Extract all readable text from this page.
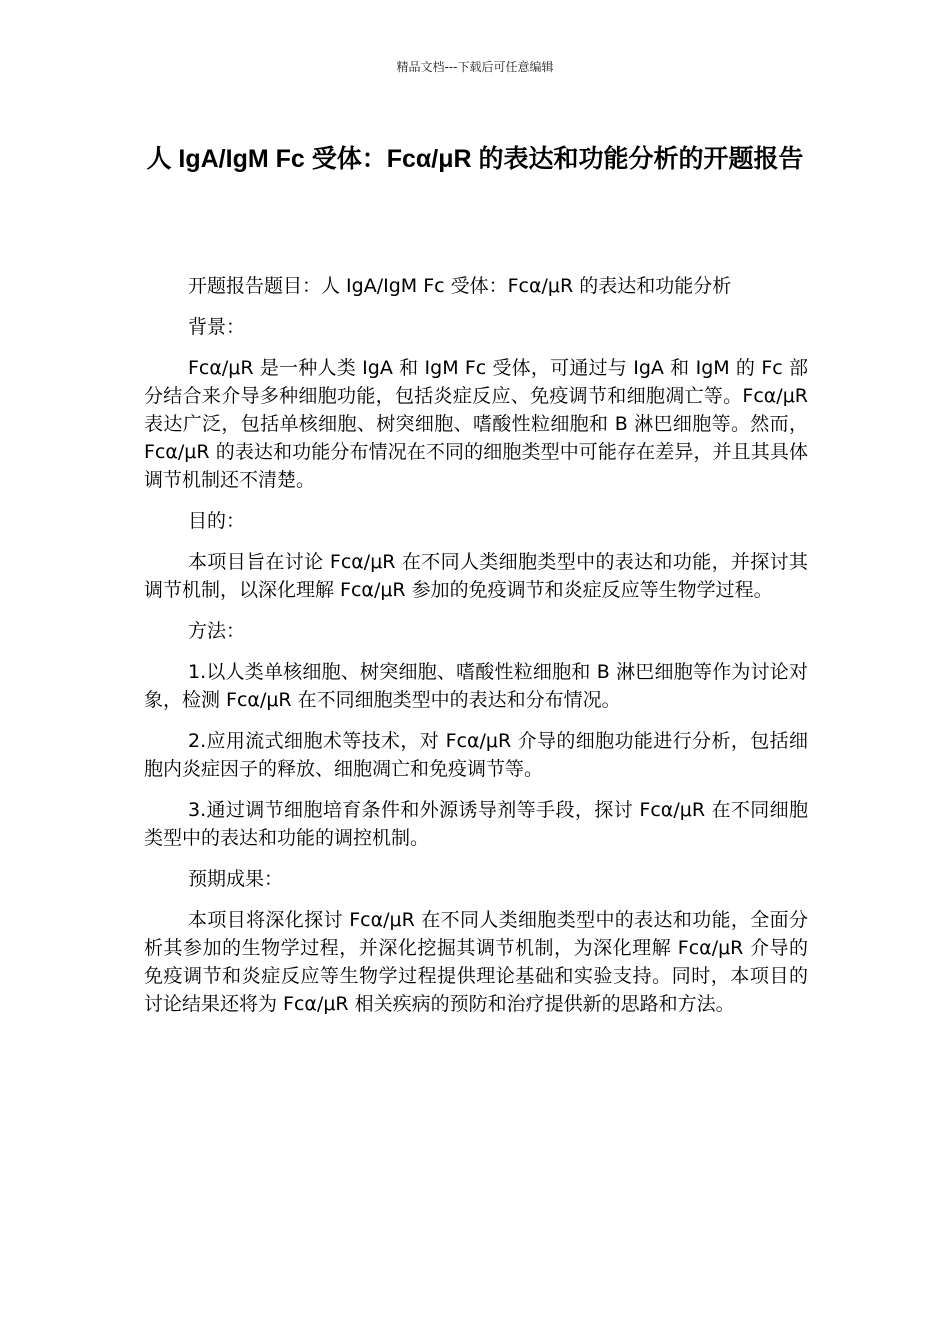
精品文档---下载后可任意编辑
人 IgA/IgM Fc 受体：Fcα/μR 的表达和功能分析的开题报告

开题报告题目：人 IgA/IgM Fc 受体：Fcα/μR 的表达和功能分析

背景：

Fcα/μR 是一种人类 IgA 和 IgM Fc 受体，可通过与 IgA 和 IgM 的 Fc 部分结合来介导多种细胞功能，包括炎症反应、免疫调节和细胞凋亡等。Fcα/μR 表达广泛，包括单核细胞、树突细胞、嗜酸性粒细胞和 B 淋巴细胞等。然而，Fcα/μR 的表达和功能分布情况在不同的细胞类型中可能存在差异，并且其具体调节机制还不清楚。

目的：

本项目旨在讨论 Fcα/μR 在不同人类细胞类型中的表达和功能，并探讨其调节机制，以深化理解 Fcα/μR 参加的免疫调节和炎症反应等生物学过程。

方法：

1.以人类单核细胞、树突细胞、嗜酸性粒细胞和 B 淋巴细胞等作为讨论对象，检测 Fcα/μR 在不同细胞类型中的表达和分布情况。

2.应用流式细胞术等技术，对 Fcα/μR 介导的细胞功能进行分析，包括细胞内炎症因子的释放、细胞凋亡和免疫调节等。

3.通过调节细胞培育条件和外源诱导剂等手段，探讨 Fcα/μR 在不同细胞类型中的表达和功能的调控机制。

预期成果：

本项目将深化探讨 Fcα/μR 在不同人类细胞类型中的表达和功能，全面分析其参加的生物学过程，并深化挖掘其调节机制，为深化理解 Fcα/μR 介导的免疫调节和炎症反应等生物学过程提供理论基础和实验支持。同时，本项目的讨论结果还将为 Fcα/μR 相关疾病的预防和治疗提供新的思路和方法。
